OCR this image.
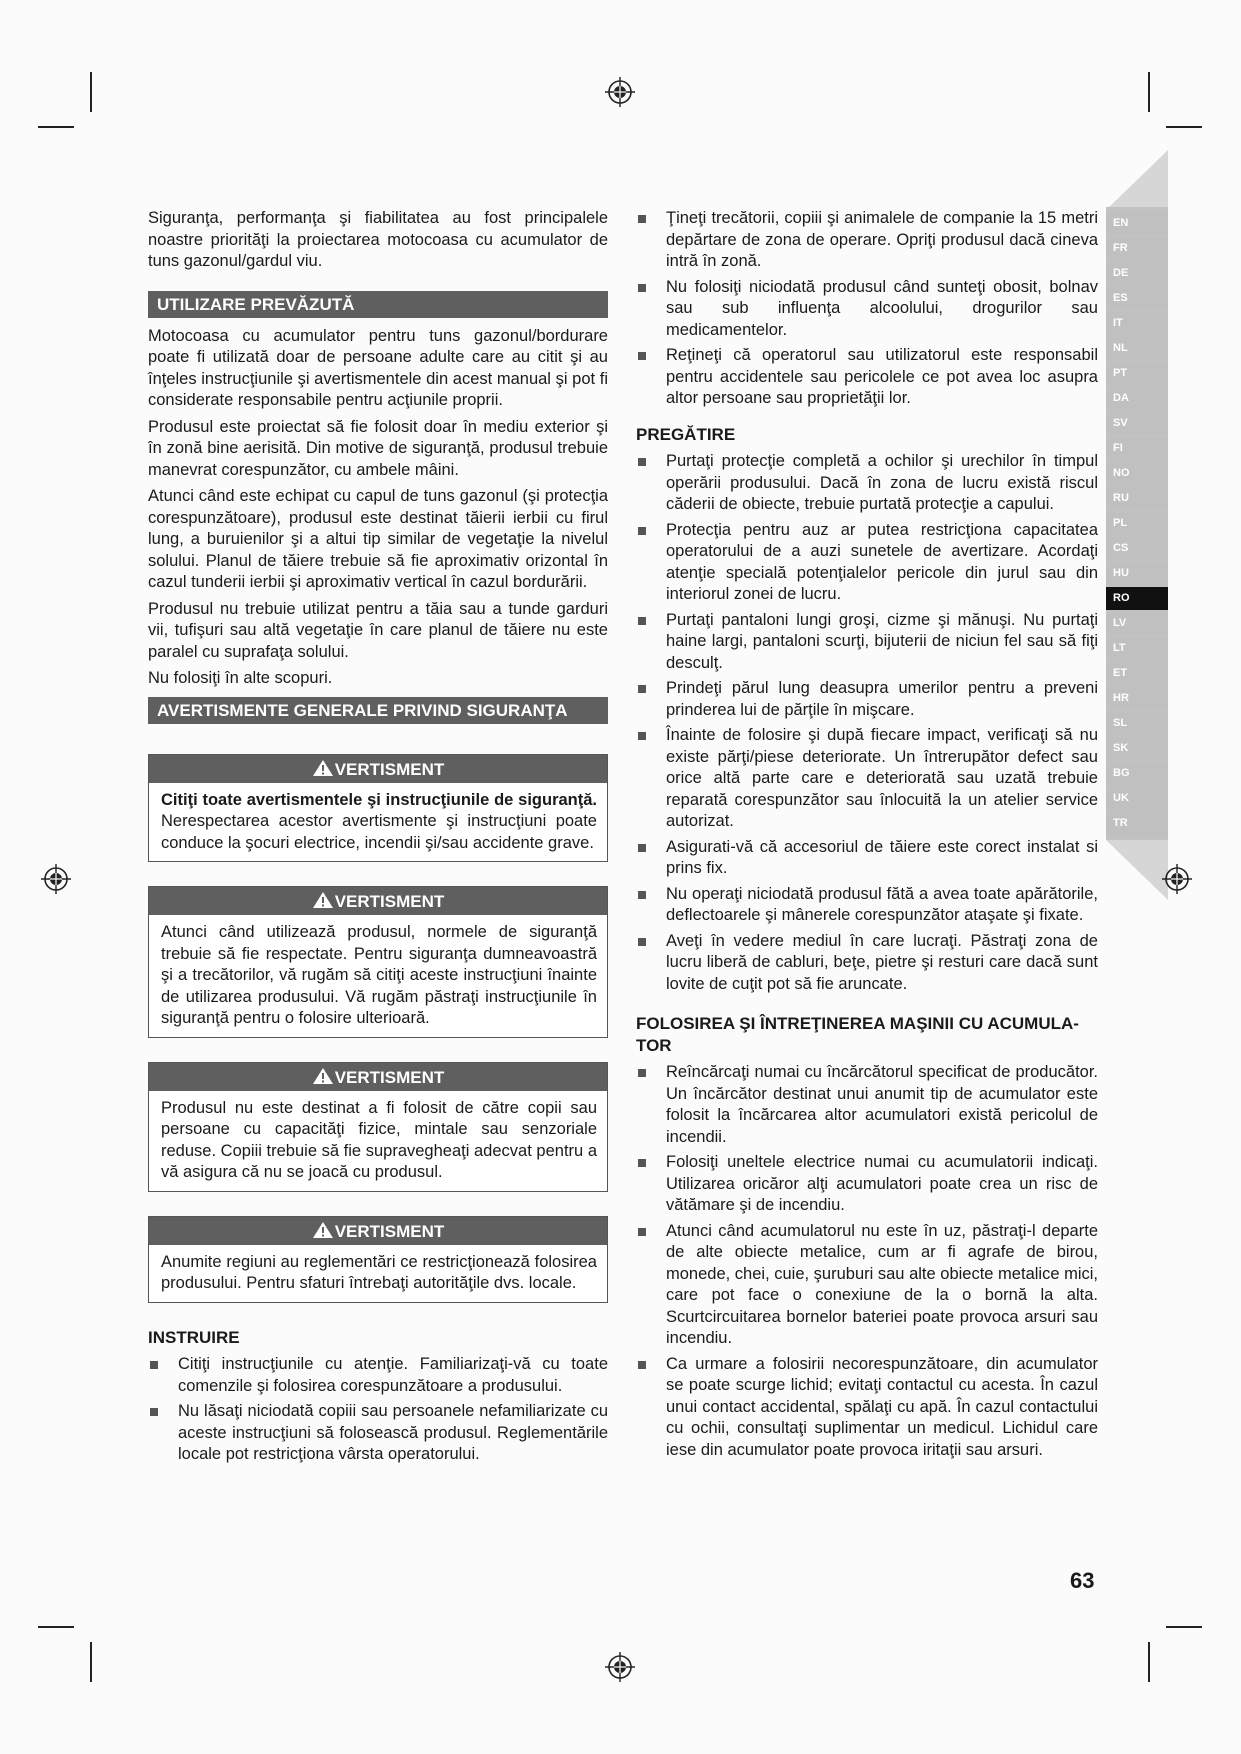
EN
FR
DE
ES
IT
NL
PT
DA
SV
FI
NO
RU
PL
CS
HU
RO
LV
LT
ET
HR
SL
SK
BG
UK
TR

Siguranţa, performanţa şi fiabilitatea au fost principalele noastre priorităţi la proiectarea motocoasa cu acumulator de tuns gazonul/gardul viu.

UTILIZARE PREVĂZUTĂ

Motocoasa cu acumulator pentru tuns gazonul/bordurare poate fi utilizată doar de persoane adulte care au citit şi au înţeles instrucţiunile şi avertismentele din acest manual şi pot fi considerate responsabile pentru acţiunile proprii.

Produsul este proiectat să fie folosit doar în mediu exterior şi în zonă bine aerisită. Din motive de siguranţă, produsul trebuie manevrat corespunzător, cu ambele mâini.

Atunci când este echipat cu capul de tuns gazonul (şi protecţia corespunzătoare), produsul este destinat tăierii ierbii cu firul lung, a buruienilor şi a altui tip similar de vegetaţie la nivelul solului. Planul de tăiere trebuie să fie aproximativ orizontal în cazul tunderii ierbii şi aproximativ vertical în cazul bordurării.

Produsul nu trebuie utilizat pentru a tăia sau a tunde garduri vii, tufişuri sau altă vegetaţie în care planul de tăiere nu este paralel cu suprafaţa solului.

Nu folosiţi în alte scopuri.

AVERTISMENTE GENERALE PRIVIND SIGURANŢA
VERTISMENT
Citiţi toate avertismentele şi instrucţiunile de siguranţă. Nerespectarea acestor avertismente şi instrucţiuni poate conduce la şocuri electrice, incendii şi/sau accidente grave.
VERTISMENT
Atunci când utilizează produsul, normele de siguranţă trebuie să fie respectate. Pentru siguranţa dumneavoastră şi a trecătorilor, vă rugăm să citiţi aceste instrucţiuni înainte de utilizarea produsului. Vă rugăm păstraţi instrucţiunile în siguranţă pentru o folosire ulterioară.
VERTISMENT
Produsul nu este destinat a fi folosit de către copii sau persoane cu capacităţi fizice, mintale sau senzoriale reduse. Copiii trebuie să fie supravegheaţi adecvat pentru a vă asigura că nu se joacă cu produsul.
VERTISMENT
Anumite regiuni au reglementări ce restricţionează folosirea produsului. Pentru sfaturi întrebaţi autorităţile dvs. locale.
INSTRUIRE
Citiţi instrucţiunile cu atenţie. Familiarizaţi-vă cu toate comenzile şi folosirea corespunzătoare a produsului.
Nu lăsaţi niciodată copiii sau persoanele nefamiliarizate cu aceste instrucţiuni să folosească produsul. Reglementările locale pot restricţiona vârsta operatorului.
Ţineţi trecătorii, copiii şi animalele de companie la 15 metri depărtare de zona de operare. Opriţi produsul dacă cineva intră în zonă.
Nu folosiţi niciodată produsul când sunteţi obosit, bolnav sau sub influenţa alcoolului, drogurilor sau medicamentelor.
Reţineţi că operatorul sau utilizatorul este responsabil pentru accidentele sau pericolele ce pot avea loc asupra altor persoane sau proprietăţii lor.
PREGĂTIRE
Purtaţi protecţie completă a ochilor şi urechilor în timpul operării produsului. Dacă în zona de lucru există riscul căderii de obiecte, trebuie purtată protecţie a capului.
Protecţia pentru auz ar putea restricţiona capacitatea operatorului de a auzi sunetele de avertizare. Acordaţi atenţie specială potenţialelor pericole din jurul sau din interiorul zonei de lucru.
Purtaţi pantaloni lungi groşi, cizme şi mănuşi. Nu purtaţi haine largi, pantaloni scurţi, bijuterii de niciun fel sau să fiţi desculţ.
Prindeţi părul lung deasupra umerilor pentru a preveni prinderea lui de părţile în mişcare.
Înainte de folosire şi după fiecare impact, verificaţi să nu existe părţi/piese deteriorate. Un întrerupător defect sau orice altă parte care e deteriorată sau uzată trebuie reparată corespunzător sau înlocuită la un atelier service autorizat.
Asigurati-vă că accesoriul de tăiere este corect instalat si prins fix.
Nu operaţi niciodată produsul fătă a avea toate apărătorile, deflectoarele şi mânerele corespunzător ataşate şi fixate.
Aveţi în vedere mediul în care lucraţi. Păstraţi zona de lucru liberă de cabluri, beţe, pietre şi resturi care dacă sunt lovite de cuţit pot să fie aruncate.
FOLOSIREA ŞI ÎNTREŢINEREA MAŞINII CU ACUMULA-TOR
Reîncărcaţi numai cu încărcătorul specificat de producător. Un încărcător destinat unui anumit tip de acumulator este folosit la încărcarea altor acumulatori există pericolul de incendii.
Folosiţi uneltele electrice numai cu acumulatorii indicaţi. Utilizarea oricăror alţi acumulatori poate crea un risc de vătămare şi de incendiu.
Atunci când acumulatorul nu este în uz, păstraţi-l departe de alte obiecte metalice, cum ar fi agrafe de birou, monede, chei, cuie, şuruburi sau alte obiecte metalice mici, care pot face o conexiune de la o bornă la alta. Scurtcircuitarea bornelor bateriei poate provoca arsuri sau incendiu.
Ca urmare a folosirii necorespunzătoare, din acumulator se poate scurge lichid; evitaţi contactul cu acesta. În cazul unui contact accidental, spălaţi cu apă. În cazul contactului cu ochii, consultaţi suplimentar un medicul. Lichidul care iese din acumulator poate provoca iritaţii sau arsuri.
63
